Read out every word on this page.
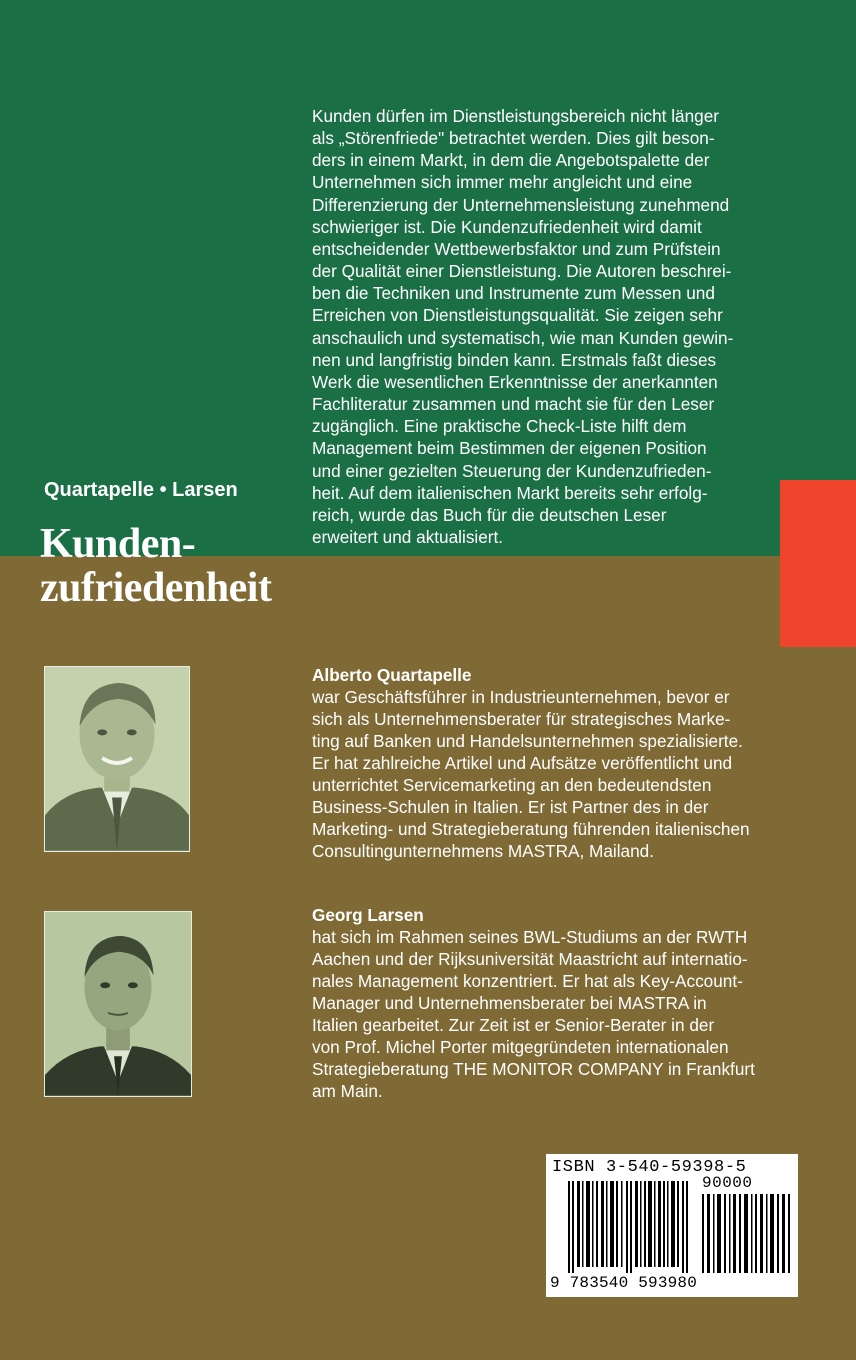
Kunden dürfen im Dienstleistungsbereich nicht länger
als „Störenfriede" betrachtet werden. Dies gilt beson-
ders in einem Markt, in dem die Angebotspalette der
Unternehmen sich immer mehr angleicht und eine
Differenzierung der Unternehmensleistung zunehmend
schwieriger ist. Die Kundenzufriedenheit wird damit
entscheidender Wettbewerbsfaktor und zum Prüfstein
der Qualität einer Dienstleistung. Die Autoren beschrei-
ben die Techniken und Instrumente zum Messen und
Erreichen von Dienstleistungsqualität. Sie zeigen sehr
anschaulich und systematisch, wie man Kunden gewin-
nen und langfristig binden kann. Erstmals faßt dieses
Werk die wesentlichen Erkenntnisse der anerkannten
Fachliteratur zusammen und macht sie für den Leser
zugänglich. Eine praktische Check-Liste hilft dem
Management beim Bestimmen der eigenen Position
und einer gezielten Steuerung der Kundenzufrieden-
heit. Auf dem italienischen Markt bereits sehr erfolg-
reich, wurde das Buch für die deutschen Leser
erweitert und aktualisiert.

Quartapelle • Larsen
Kunden-
zufriedenheit
Alberto Quartapelle
war Geschäftsführer in Industrieunternehmen, bevor er
sich als Unternehmensberater für strategisches Marke-
ting auf Banken und Handelsunternehmen spezialisierte.
Er hat zahlreiche Artikel und Aufsätze veröffentlicht und
unterrichtet Servicemarketing an den bedeutendsten
Business-Schulen in Italien. Er ist Partner des in der
Marketing- und Strategieberatung führenden italienischen
Consultingunternehmens MASTRA, Mailand.
Georg Larsen
hat sich im Rahmen seines BWL-Studiums an der RWTH
Aachen und der Rijksuniversität Maastricht auf internatio-
nales Management konzentriert. Er hat als Key-Account-
Manager und Unternehmensberater bei MASTRA in
Italien gearbeitet. Zur Zeit ist er Senior-Berater in der
von Prof. Michel Porter mitgegründeten internationalen
Strategieberatung THE MONITOR COMPANY in Frankfurt
am Main.
ISBN 3-540-59398-5
90000
9 783540 593980
